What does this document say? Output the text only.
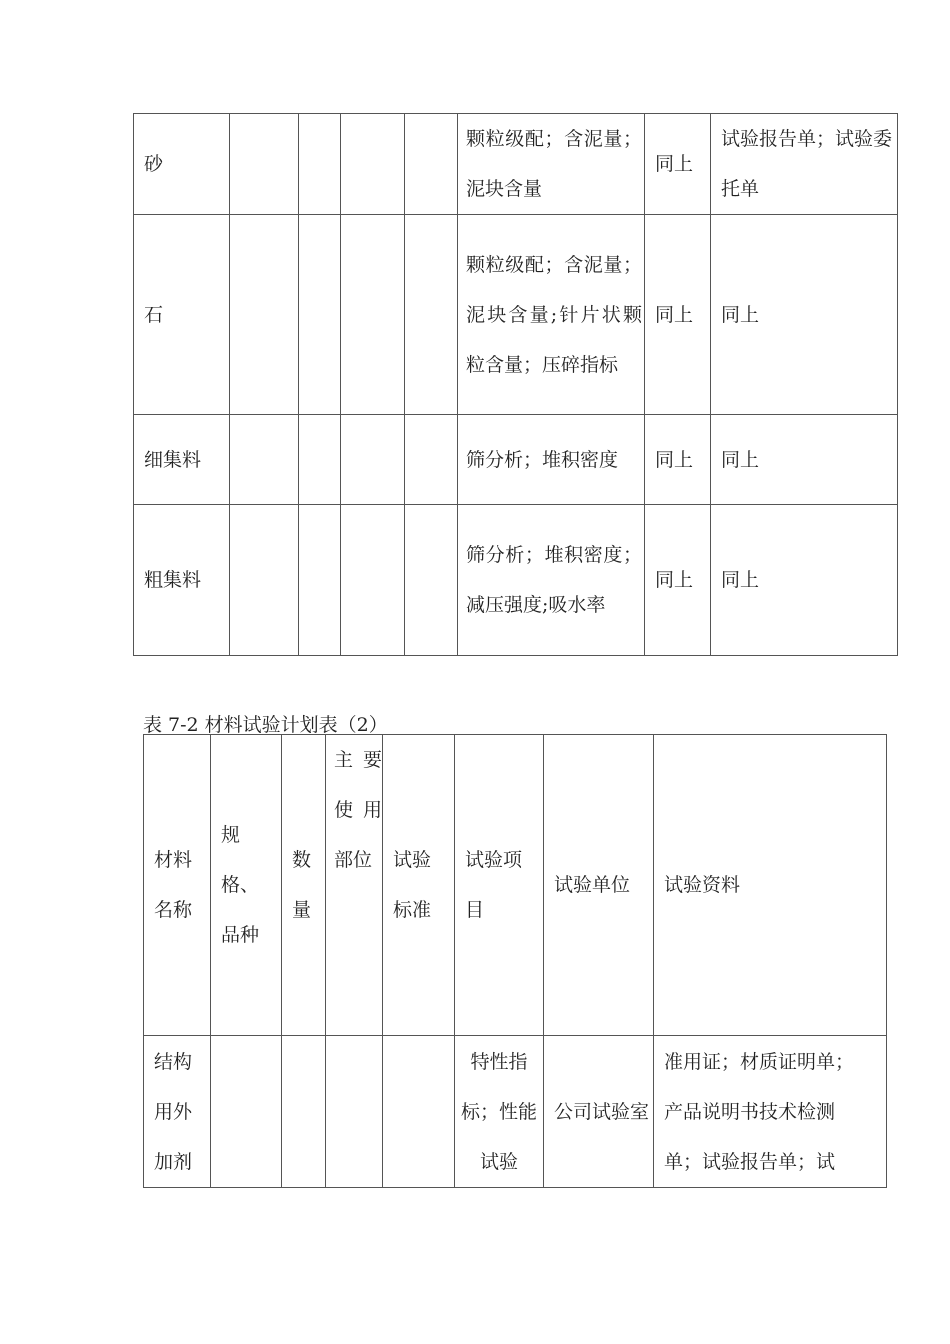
砂					颗粒级配；含泥量；泥块含量	同上	试验报告单；试验委托单
石					颗粒级配；含泥量；泥块含量;针片状颗粒含量；压碎指标	同上	同上
细集料					筛分析；堆积密度	同上	同上
粗集料					筛分析；堆积密度；减压强度;吸水率	同上	同上
表 7-2 材料试验计划表（2）
材料名称	规格、品种	数量	主要使用部位	试验标准	试验项目	试验单位	试验资料
结构用外加剂					特性指标；性能试验	公司试验室	准用证；材质证明单；产品说明书技术检测单；试验报告单；试
